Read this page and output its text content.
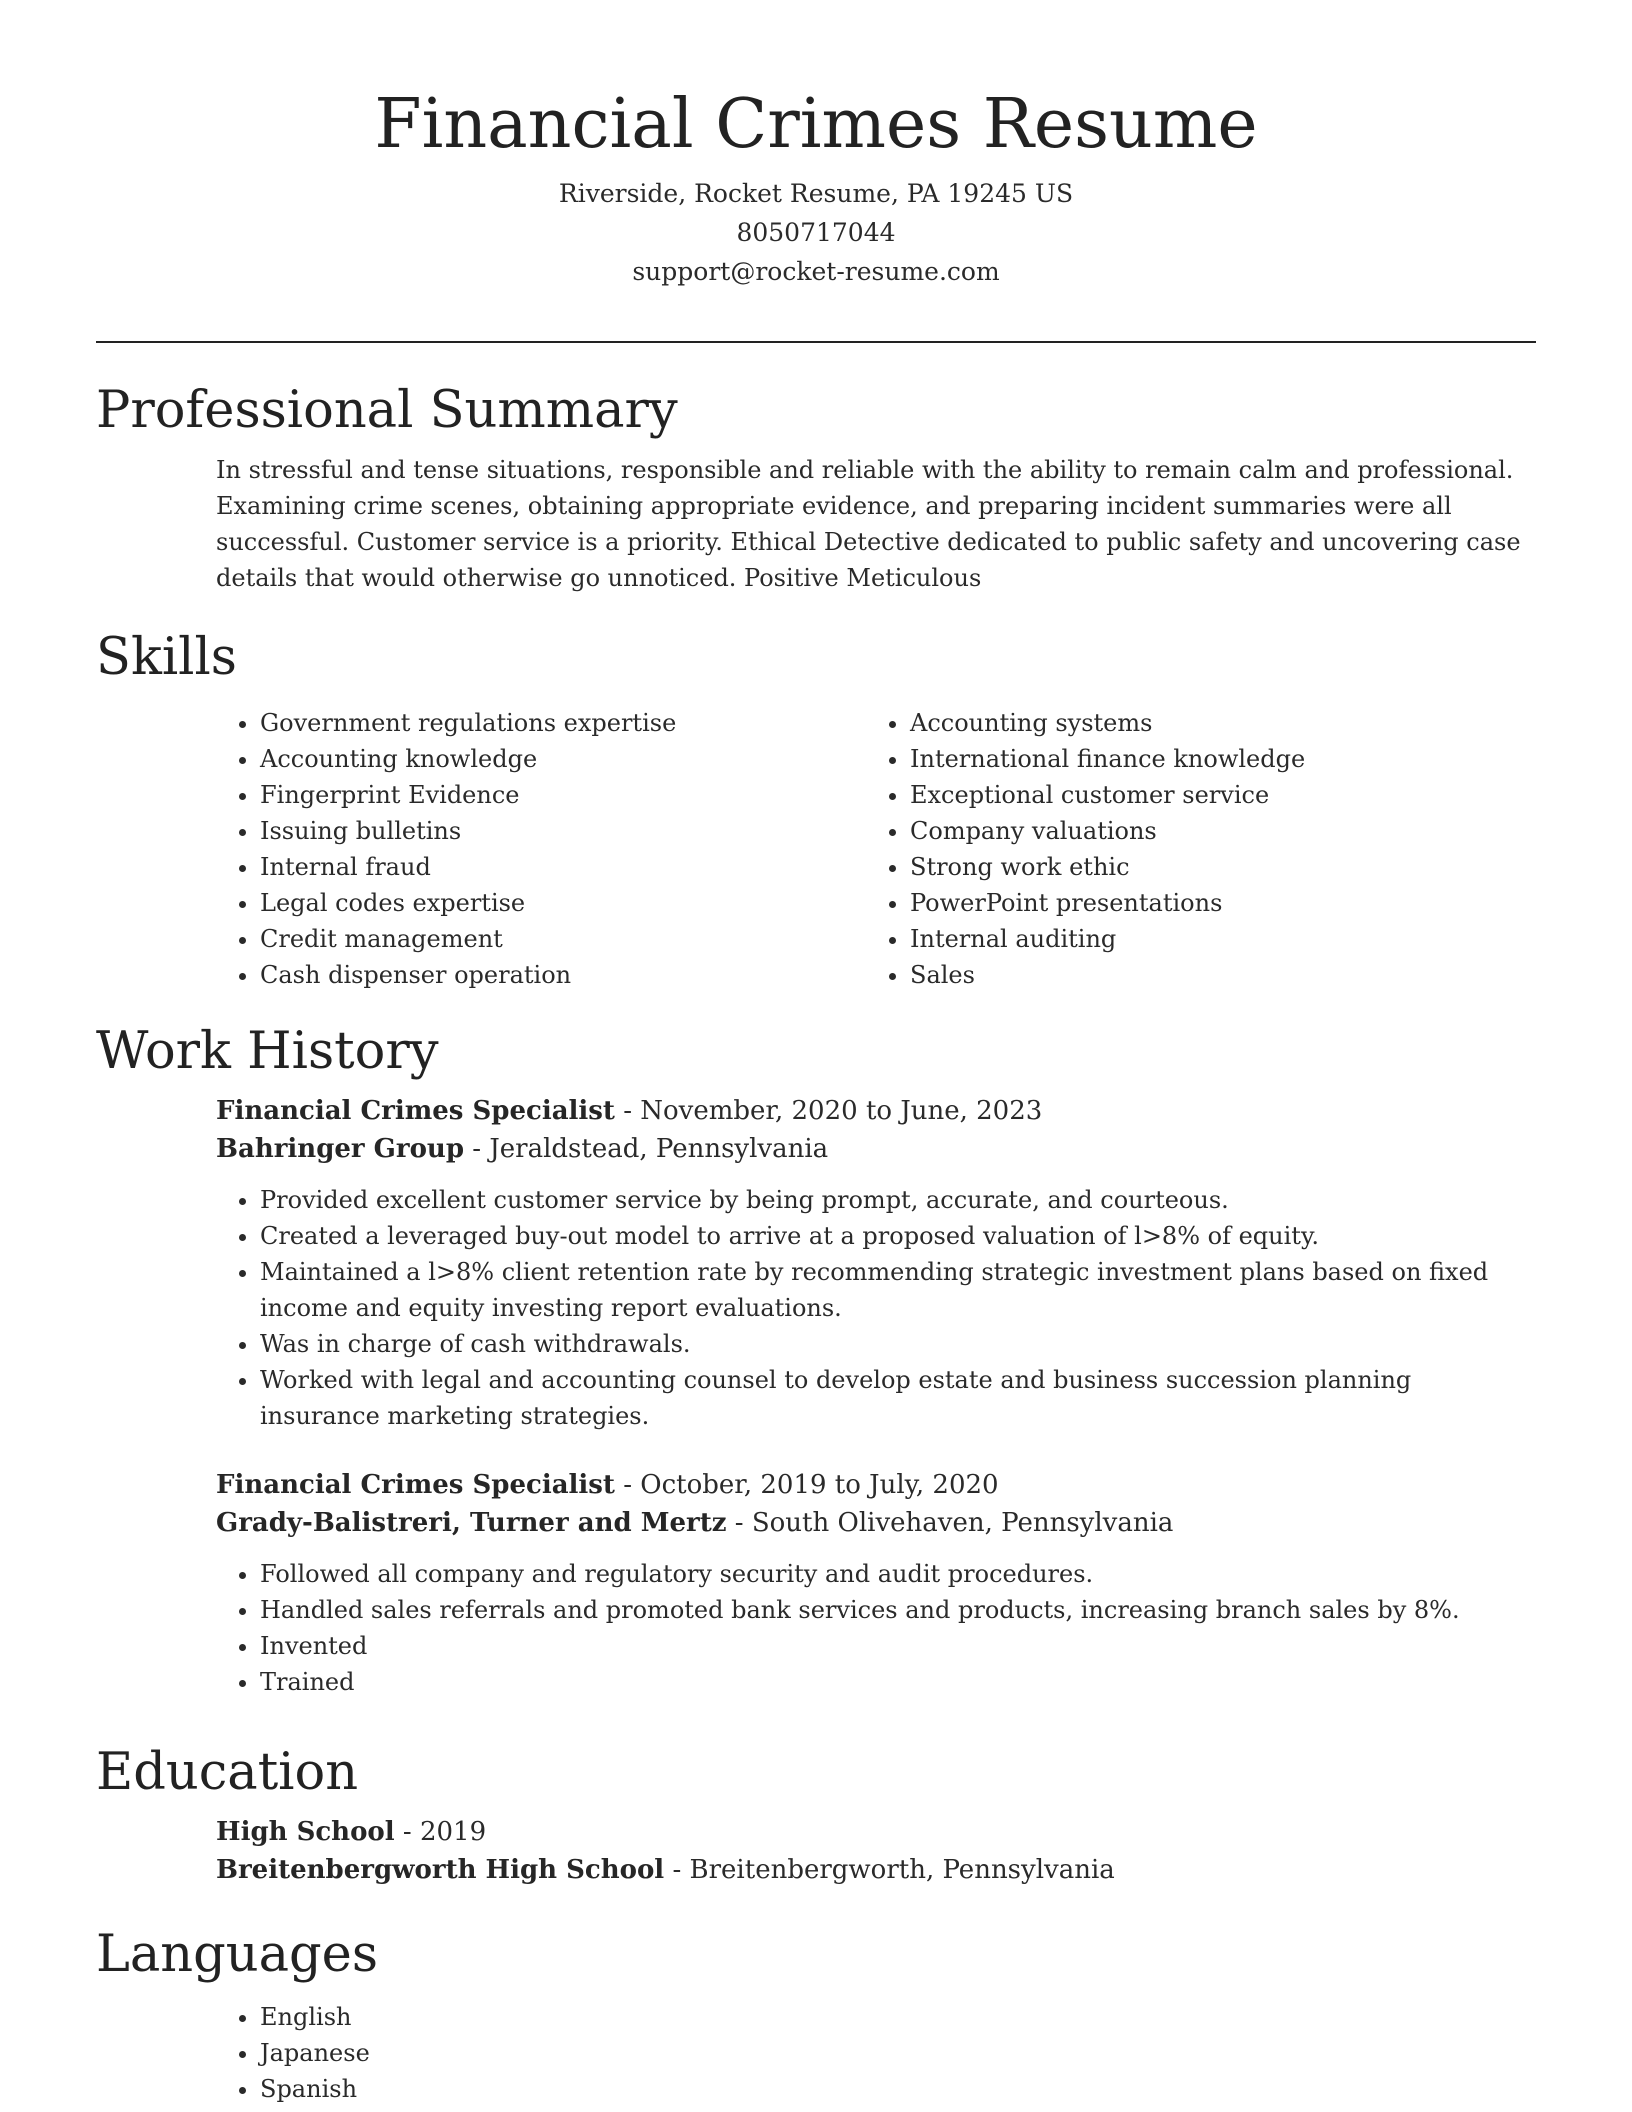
Financial Crimes Resume

Riverside, Rocket Resume, PA 19245 US

8050717044

support@rocket-resume.com

Professional Summary

In stressful and tense situations, responsible and reliable with the ability to remain calm and professional. Examining crime scenes, obtaining appropriate evidence, and preparing incident summaries were all successful. Customer service is a priority. Ethical Detective dedicated to public safety and uncovering case details that would otherwise go unnoticed. Positive Meticulous

Skills
• Government regulations expertise
• Accounting knowledge
• Fingerprint Evidence
• Issuing bulletins
• Internal fraud
• Legal codes expertise
• Credit management
• Cash dispenser operation
• Accounting systems
• International finance knowledge
• Exceptional customer service
• Company valuations
• Strong work ethic
• PowerPoint presentations
• Internal auditing
• Sales
Work History

Financial Crimes Specialist - November, 2020 to June, 2023

Bahringer Group - Jeraldstead, Pennsylvania

• Provided excellent customer service by being prompt, accurate, and courteous.
• Created a leveraged buy-out model to arrive at a proposed valuation of l>8% of equity.
• Maintained a l>8% client retention rate by recommending strategic investment plans based on fixed income and equity investing report evaluations.
• Was in charge of cash withdrawals.
• Worked with legal and accounting counsel to develop estate and business succession planning insurance marketing strategies.

Financial Crimes Specialist - October, 2019 to July, 2020

Grady-Balistreri, Turner and Mertz - South Olivehaven, Pennsylvania

• Followed all company and regulatory security and audit procedures.
• Handled sales referrals and promoted bank services and products, increasing branch sales by 8%.
• Invented
• Trained
Education

High School - 2019

Breitenbergworth High School - Breitenbergworth, Pennsylvania

Languages
• English
• Japanese
• Spanish
